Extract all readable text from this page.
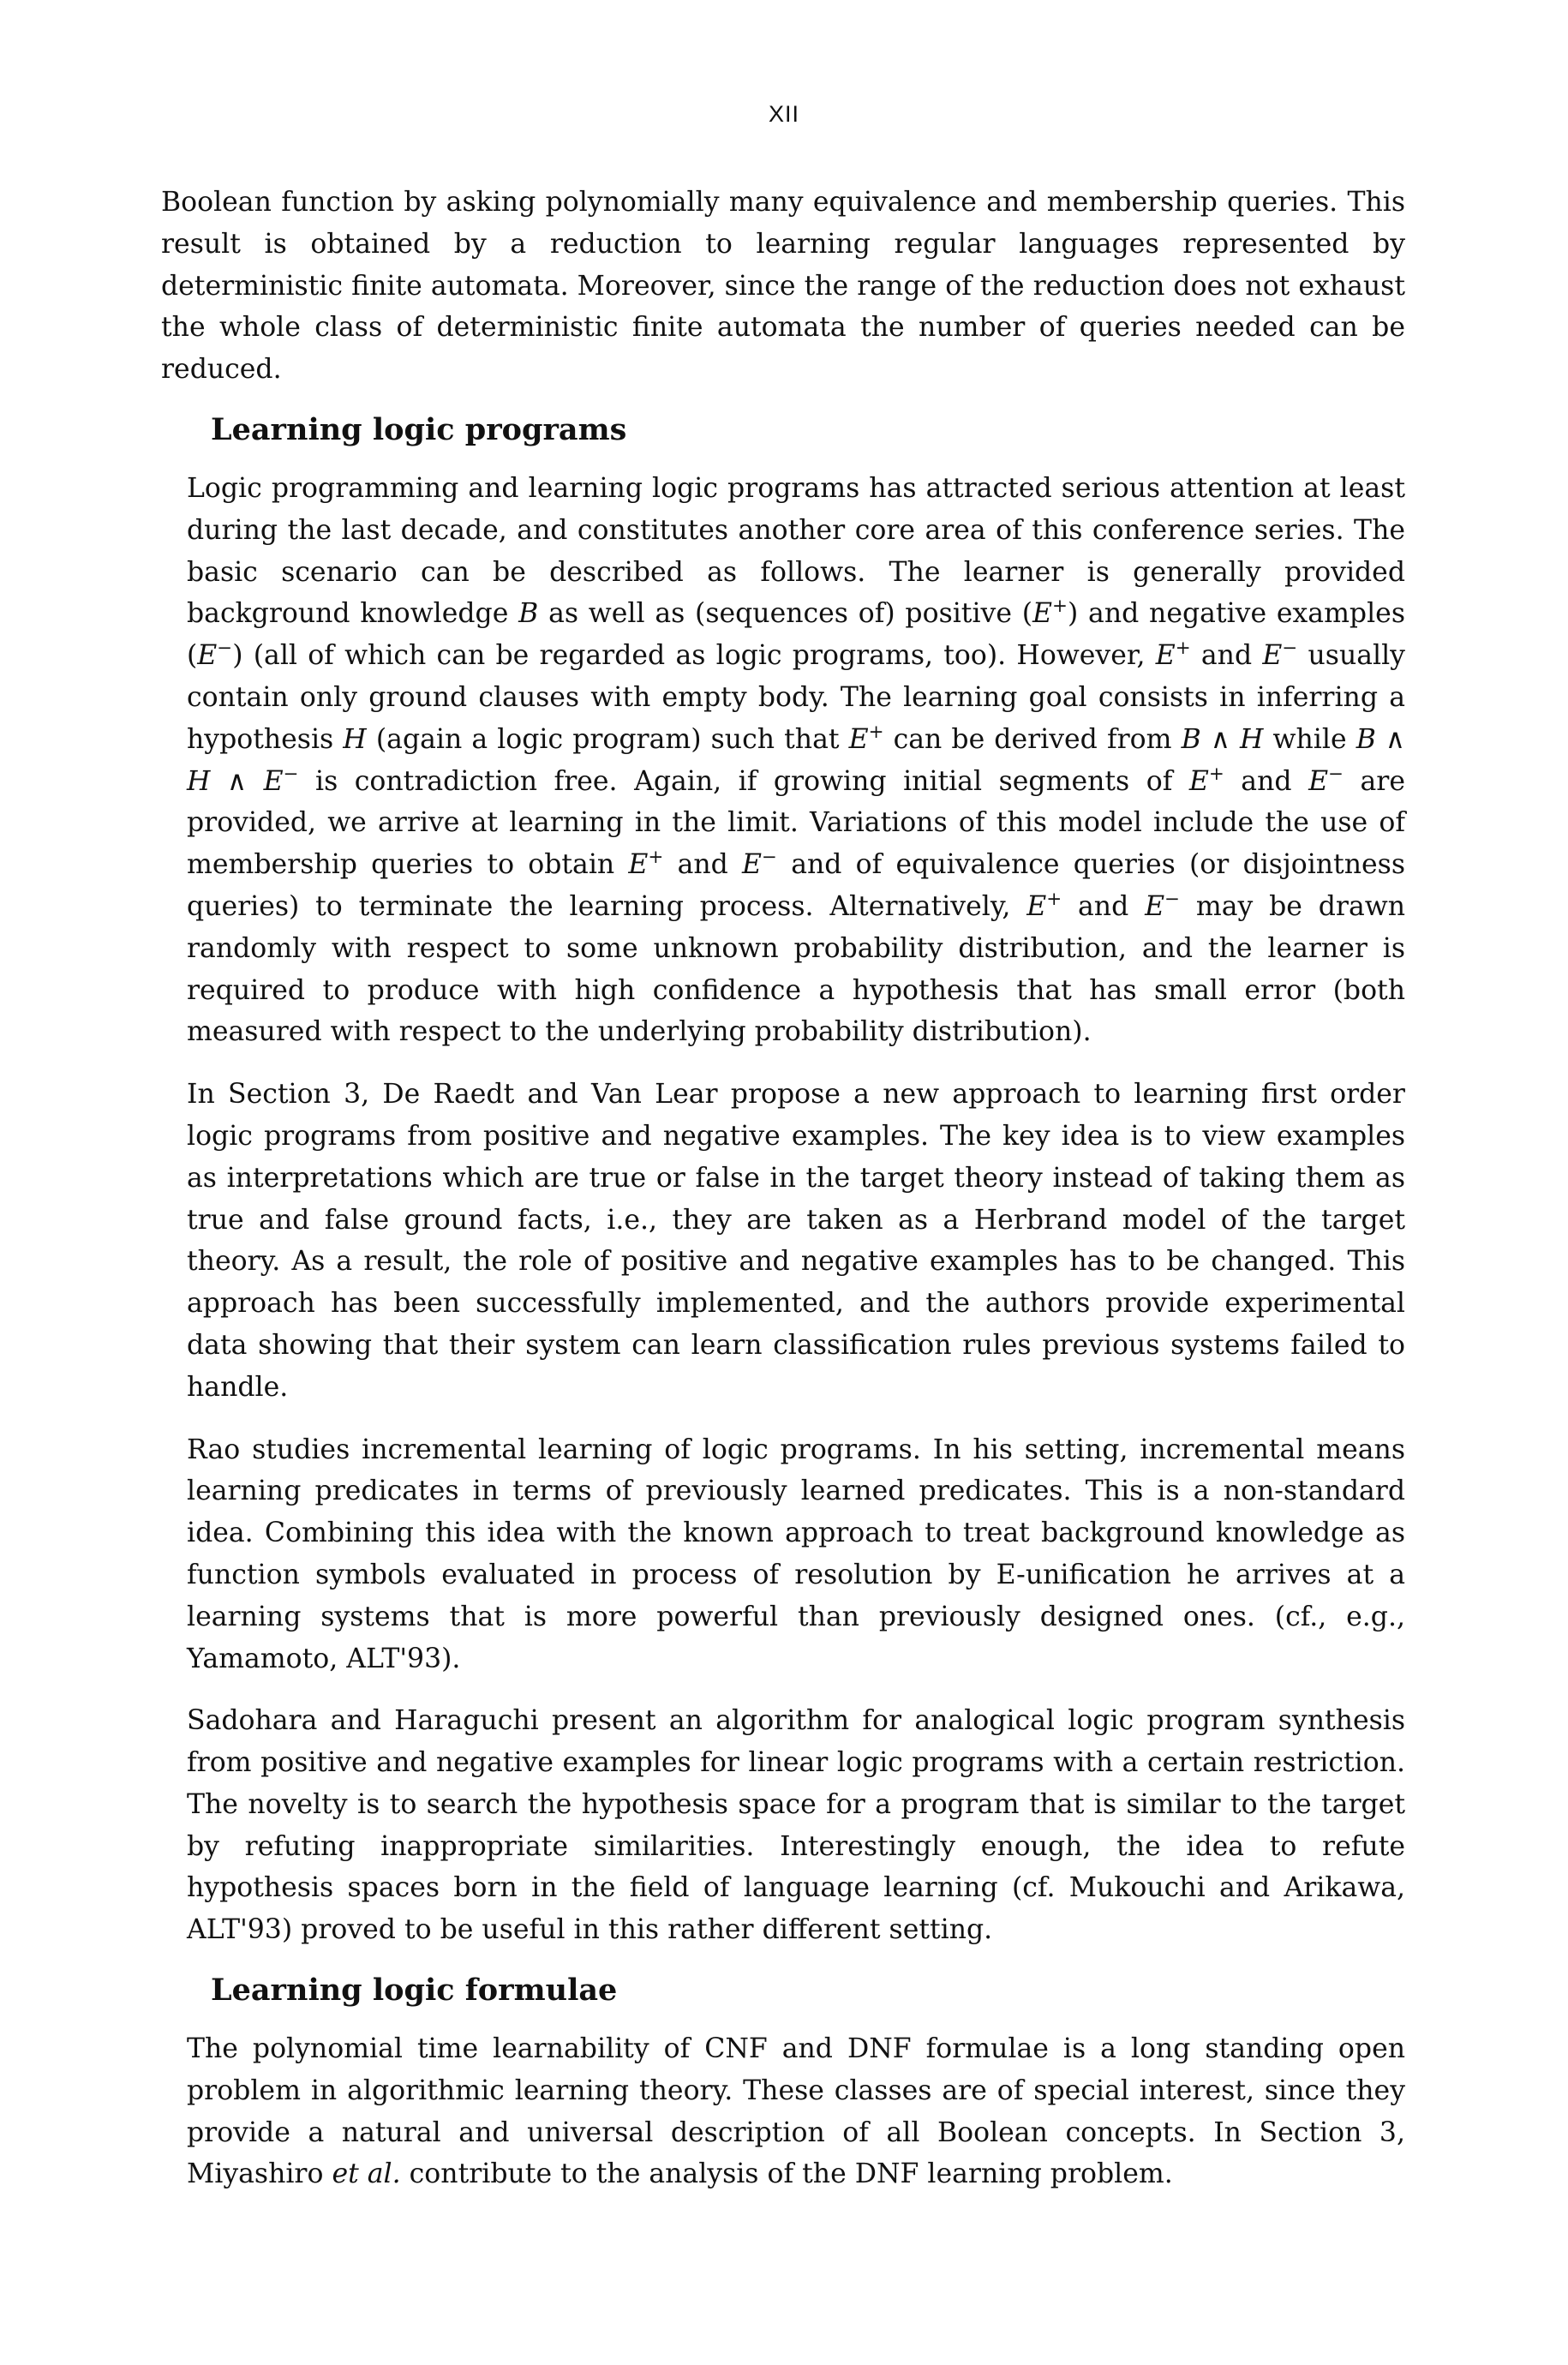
XII

Boolean function by asking polynomially many equivalence and membership queries. This result is obtained by a reduction to learning regular languages represented by deterministic finite automata. Moreover, since the range of the reduction does not exhaust the whole class of deterministic finite automata the number of queries needed can be reduced.

Learning logic programs

Logic programming and learning logic programs has attracted serious attention at least during the last decade, and constitutes another core area of this conference series. The basic scenario can be described as follows. The learner is generally provided background knowledge B as well as (sequences of) positive (E+) and negative examples (E−) (all of which can be regarded as logic programs, too). However, E+ and E− usually contain only ground clauses with empty body. The learning goal consists in inferring a hypothesis H (again a logic program) such that E+ can be derived from B ∧ H while B ∧ H ∧ E− is contradiction free. Again, if growing initial segments of E+ and E− are provided, we arrive at learning in the limit. Variations of this model include the use of membership queries to obtain E+ and E− and of equivalence queries (or disjointness queries) to terminate the learning process. Alternatively, E+ and E− may be drawn randomly with respect to some unknown probability distribution, and the learner is required to produce with high confidence a hypothesis that has small error (both measured with respect to the underlying probability distribution).

In Section 3, De Raedt and Van Lear propose a new approach to learning first order logic programs from positive and negative examples. The key idea is to view examples as interpretations which are true or false in the target theory instead of taking them as true and false ground facts, i.e., they are taken as a Herbrand model of the target theory. As a result, the role of positive and negative examples has to be changed. This approach has been successfully implemented, and the authors provide experimental data showing that their system can learn classification rules previous systems failed to handle.

Rao studies incremental learning of logic programs. In his setting, incremental means learning predicates in terms of previously learned predicates. This is a non-standard idea. Combining this idea with the known approach to treat background knowledge as function symbols evaluated in process of resolution by E-unification he arrives at a learning systems that is more powerful than previously designed ones. (cf., e.g., Yamamoto, ALT'93).

Sadohara and Haraguchi present an algorithm for analogical logic program synthesis from positive and negative examples for linear logic programs with a certain restriction. The novelty is to search the hypothesis space for a program that is similar to the target by refuting inappropriate similarities. Interestingly enough, the idea to refute hypothesis spaces born in the field of language learning (cf. Mukouchi and Arikawa, ALT'93) proved to be useful in this rather different setting.

Learning logic formulae

The polynomial time learnability of CNF and DNF formulae is a long standing open problem in algorithmic learning theory. These classes are of special interest, since they provide a natural and universal description of all Boolean concepts. In Section 3, Miyashiro et al. contribute to the analysis of the DNF learning problem.
